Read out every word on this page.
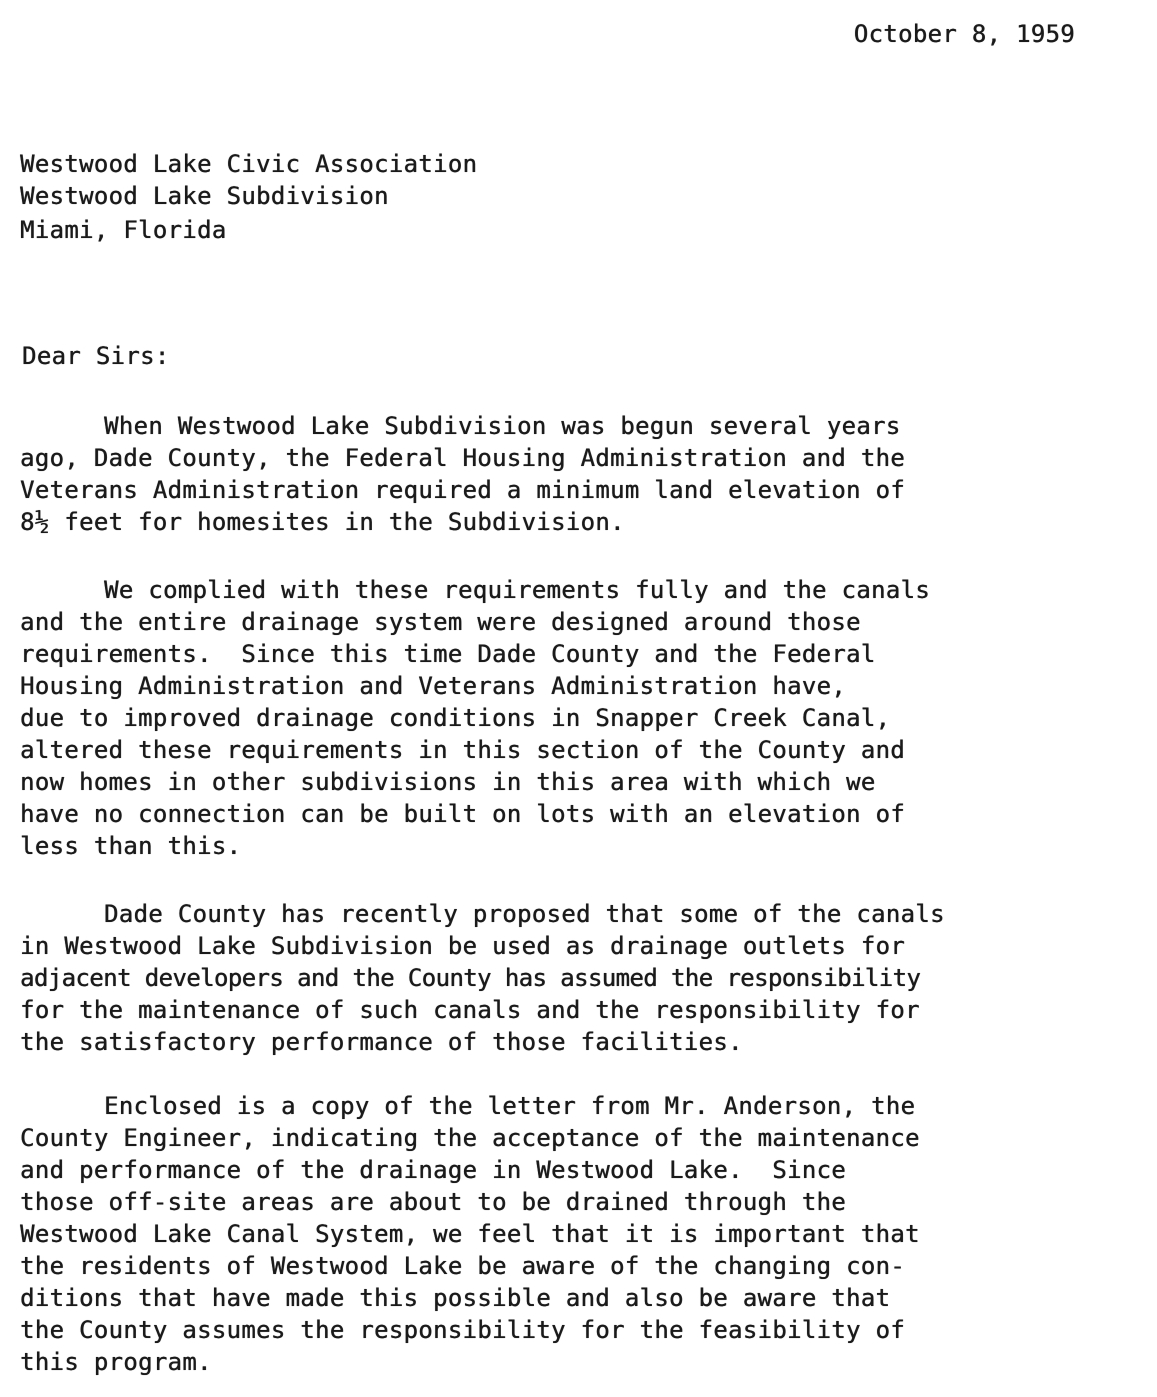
October 8, 1959
Westwood Lake Civic Association
Westwood Lake Subdivision
Miami, Florida
Dear Sirs:
When Westwood Lake Subdivision was begun several years
ago, Dade County, the Federal Housing Administration and the
Veterans Administration required a minimum land elevation of
8½ feet for homesites in the Subdivision.
We complied with these requirements fully and the canals
and the entire drainage system were designed around those
requirements.  Since this time Dade County and the Federal
Housing Administration and Veterans Administration have,
due to improved drainage conditions in Snapper Creek Canal,
altered these requirements in this section of the County and
now homes in other subdivisions in this area with which we
have no connection can be built on lots with an elevation of
less than this.
Dade County has recently proposed that some of the canals
in Westwood Lake Subdivision be used as drainage outlets for
adjacent developers and the County has assumed the responsibility
for the maintenance of such canals and the responsibility for
the satisfactory performance of those facilities.
Enclosed is a copy of the letter from Mr. Anderson, the
County Engineer, indicating the acceptance of the maintenance
and performance of the drainage in Westwood Lake.  Since
those off-site areas are about to be drained through the
Westwood Lake Canal System, we feel that it is important that
the residents of Westwood Lake be aware of the changing con-
ditions that have made this possible and also be aware that
the County assumes the responsibility for the feasibility of
this program.
